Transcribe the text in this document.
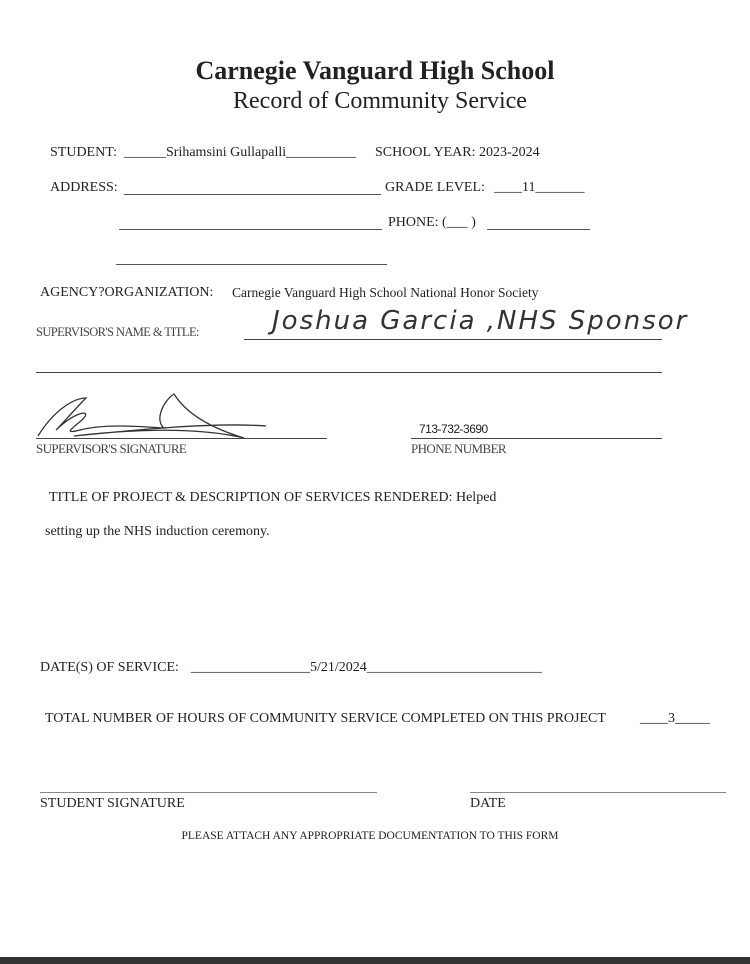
Carnegie Vanguard High School
Record of Community Service
STUDENT: ______Srihamsini Gullapalli__________ SCHOOL YEAR: 2023-2024
ADDRESS:	GRADE LEVEL: ____11_______
PHONE: (___ )
AGENCY?ORGANIZATION: Carnegie Vanguard High School National Honor Society
SUPERVISOR'S NAME & TITLE:	Joshua Garcia ,NHS Sponsor
SUPERVISOR'S SIGNATURE
713-732-3690
PHONE NUMBER
TITLE OF PROJECT & DESCRIPTION OF SERVICES RENDERED: Helped
setting up the NHS induction ceremony.
DATE(S) OF SERVICE: _________________5/21/2024_________________________
TOTAL NUMBER OF HOURS OF COMMUNITY SERVICE COMPLETED ON THIS PROJECT ____3_____
STUDENT SIGNATURE	DATE
PLEASE ATTACH ANY APPROPRIATE DOCUMENTATION TO THIS FORM
